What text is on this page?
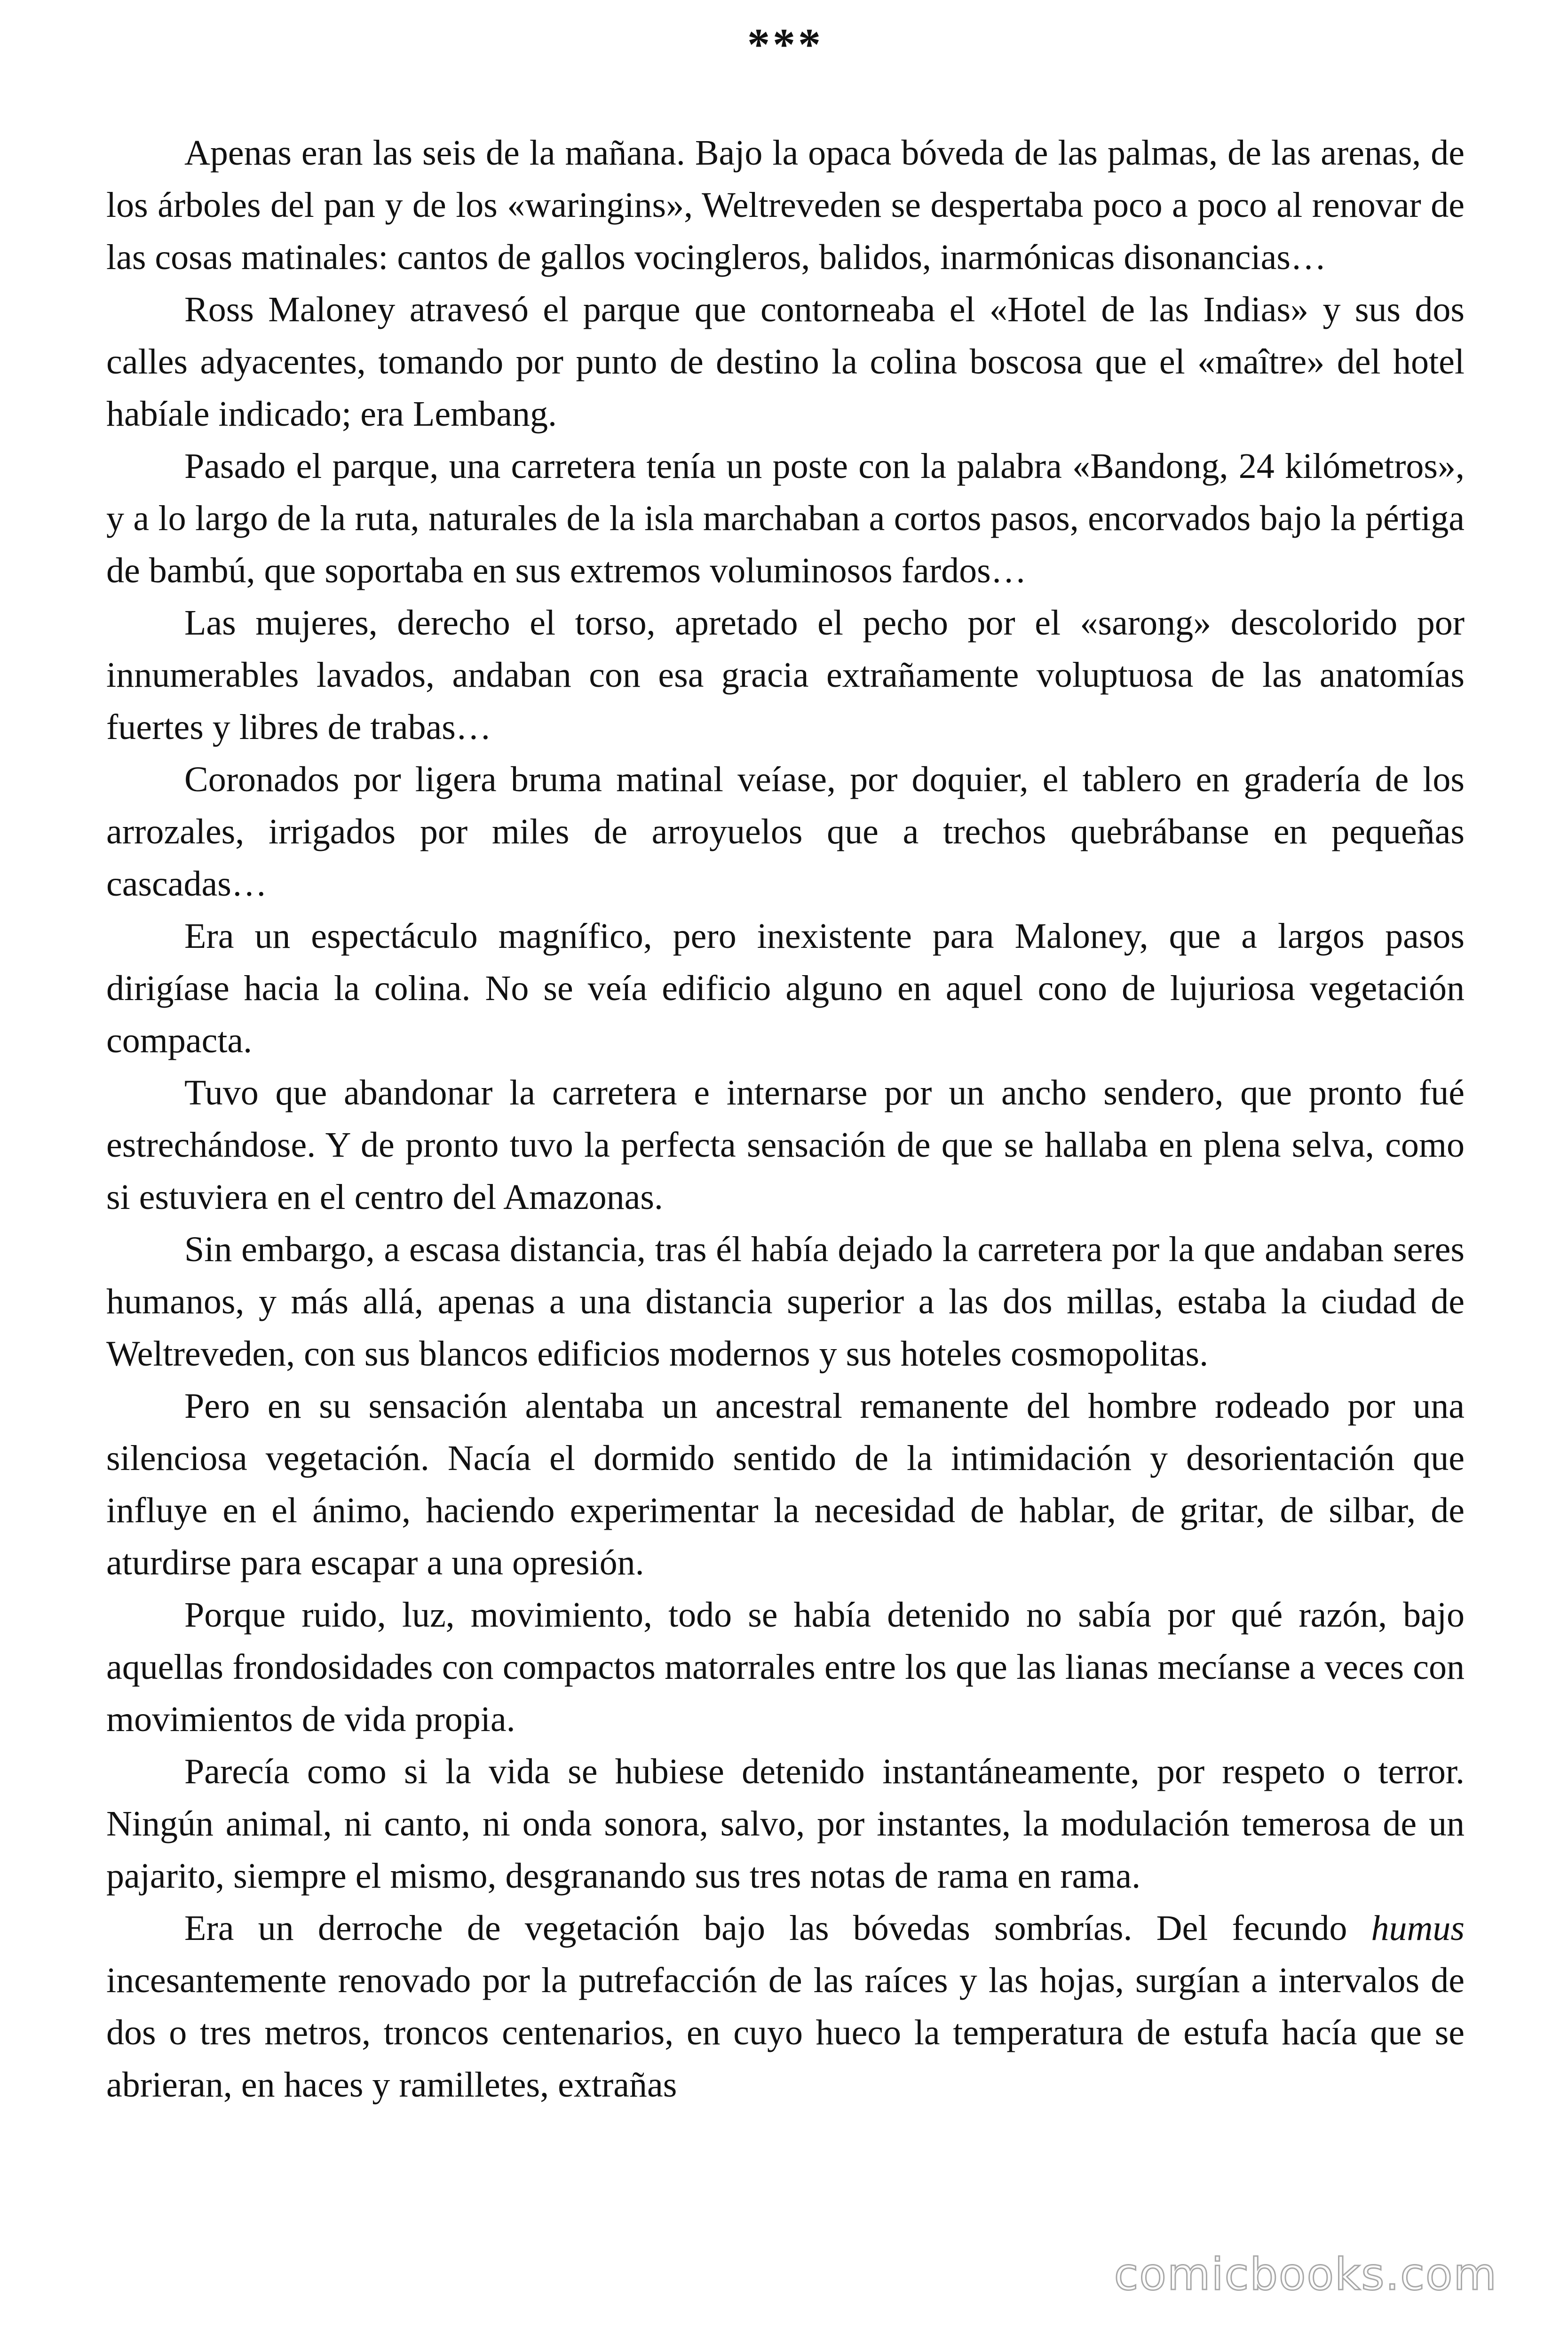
***

Apenas eran las seis de la mañana. Bajo la opaca bóveda de las palmas, de las arenas, de los árboles del pan y de los «waringins», Weltreveden se despertaba poco a poco al renovar de las cosas matinales: cantos de gallos vocingleros, balidos, inarmónicas disonancias…

Ross Maloney atravesó el parque que contorneaba el «Hotel de las Indias» y sus dos calles adyacentes, tomando por punto de destino la colina boscosa que el «maître» del hotel habíale indicado; era Lembang.

Pasado el parque, una carretera tenía un poste con la palabra «Bandong, 24 kilómetros», y a lo largo de la ruta, naturales de la isla marchaban a cortos pasos, encorvados bajo la pértiga de bambú, que soportaba en sus extremos voluminosos fardos…

Las mujeres, derecho el torso, apretado el pecho por el «sarong» descolorido por innumerables lavados, andaban con esa gracia extrañamente voluptuosa de las anatomías fuertes y libres de trabas…

Coronados por ligera bruma matinal veíase, por doquier, el tablero en gradería de los arrozales, irrigados por miles de arroyuelos que a trechos quebrábanse en pequeñas cascadas…

Era un espectáculo magnífico, pero inexistente para Maloney, que a largos pasos dirigíase hacia la colina. No se veía edificio alguno en aquel cono de lujuriosa vegetación compacta.

Tuvo que abandonar la carretera e internarse por un ancho sendero, que pronto fué estrechándose. Y de pronto tuvo la perfecta sensación de que se hallaba en plena selva, como si estuviera en el centro del Amazonas.

Sin embargo, a escasa distancia, tras él había dejado la carretera por la que andaban seres humanos, y más allá, apenas a una distancia superior a las dos millas, estaba la ciudad de Weltreveden, con sus blancos edificios modernos y sus hoteles cosmopolitas.

Pero en su sensación alentaba un ancestral remanente del hombre rodeado por una silenciosa vegetación. Nacía el dormido sentido de la intimidación y desorientación que influye en el ánimo, haciendo experimentar la necesidad de hablar, de gritar, de silbar, de aturdirse para escapar a una opresión.

Porque ruido, luz, movimiento, todo se había detenido no sabía por qué razón, bajo aquellas frondosidades con compactos matorrales entre los que las lianas mecíanse a veces con movimientos de vida propia.

Parecía como si la vida se hubiese detenido instantáneamente, por respeto o terror. Ningún animal, ni canto, ni onda sonora, salvo, por instantes, la modulación temerosa de un pajarito, siempre el mismo, desgranando sus tres notas de rama en rama.

Era un derroche de vegetación bajo las bóvedas sombrías. Del fecundo humus incesantemente renovado por la putrefacción de las raíces y las hojas, surgían a intervalos de dos o tres metros, troncos centenarios, en cuyo hueco la temperatura de estufa hacía que se abrieran, en haces y ramilletes, extrañas

comicbooks.com
